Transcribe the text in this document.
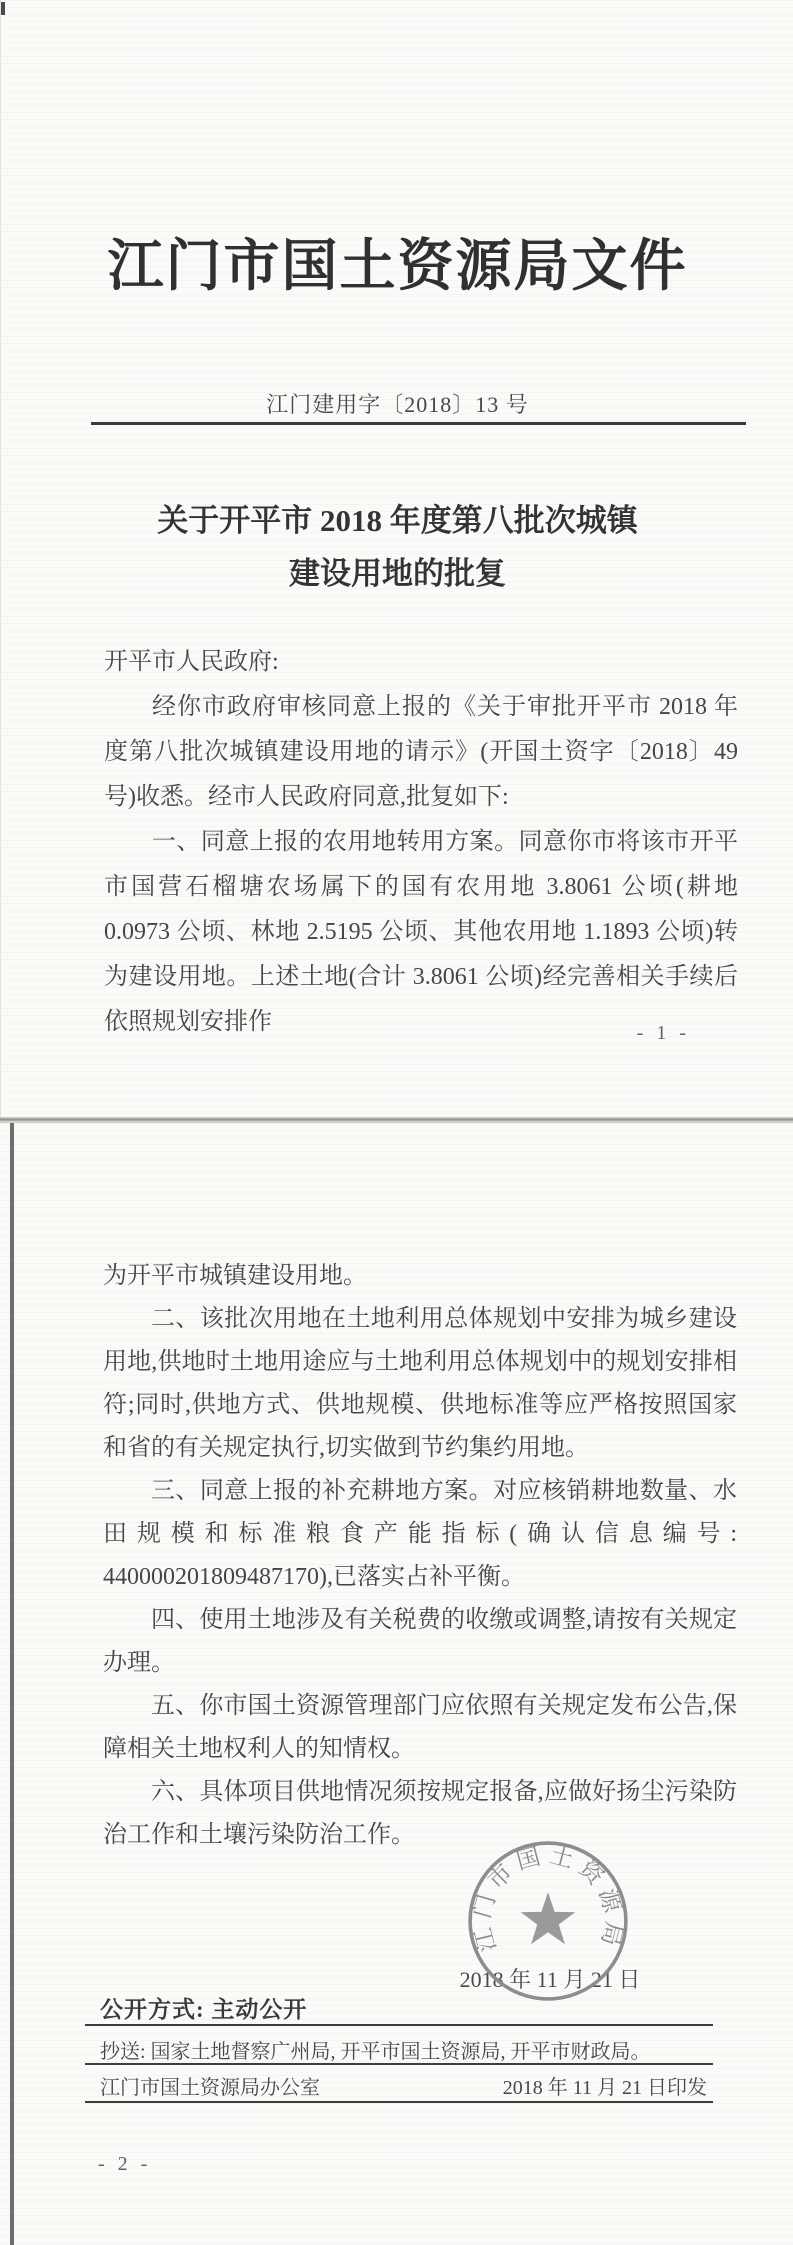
江门市国土资源局文件
江门建用字〔2018〕13 号
关于开平市 2018 年度第八批次城镇
建设用地的批复

开平市人民政府:

经你市政府审核同意上报的《关于审批开平市 2018 年度第八批次城镇建设用地的请示》(开国土资字〔2018〕49 号)收悉。经市人民政府同意,批复如下:

一、同意上报的农用地转用方案。同意你市将该市开平市国营石榴塘农场属下的国有农用地 3.8061 公顷(耕地 0.0973 公顷、林地 2.5195 公顷、其他农用地 1.1893 公顷)转为建设用地。上述土地(合计 3.8061 公顷)经完善相关手续后依照规划安排作	- 1 -

为开平市城镇建设用地。

二、该批次用地在土地利用总体规划中安排为城乡建设用地,供地时土地用途应与土地利用总体规划中的规划安排相符;同时,供地方式、供地规模、供地标准等应严格按照国家和省的有关规定执行,切实做到节约集约用地。

三、同意上报的补充耕地方案。对应核销耕地数量、水田规模和标准粮食产能指标(确认信息编号: 440000201809487170),已落实占补平衡。

四、使用土地涉及有关税费的收缴或调整,请按有关规定办理。

五、你市国土资源管理部门应依照有关规定发布公告,保障相关土地权利人的知情权。

六、具体项目供地情况须按规定报备,应做好扬尘污染防治工作和土壤污染防治工作。

2018 年 11 月 21 日
江门市国土资源局
公开方式: 主动公开
抄送: 国家土地督察广州局, 开平市国土资源局, 开平市财政局。
江门市国土资源局办公室	2018 年 11 月 21 日印发
- 2 -
